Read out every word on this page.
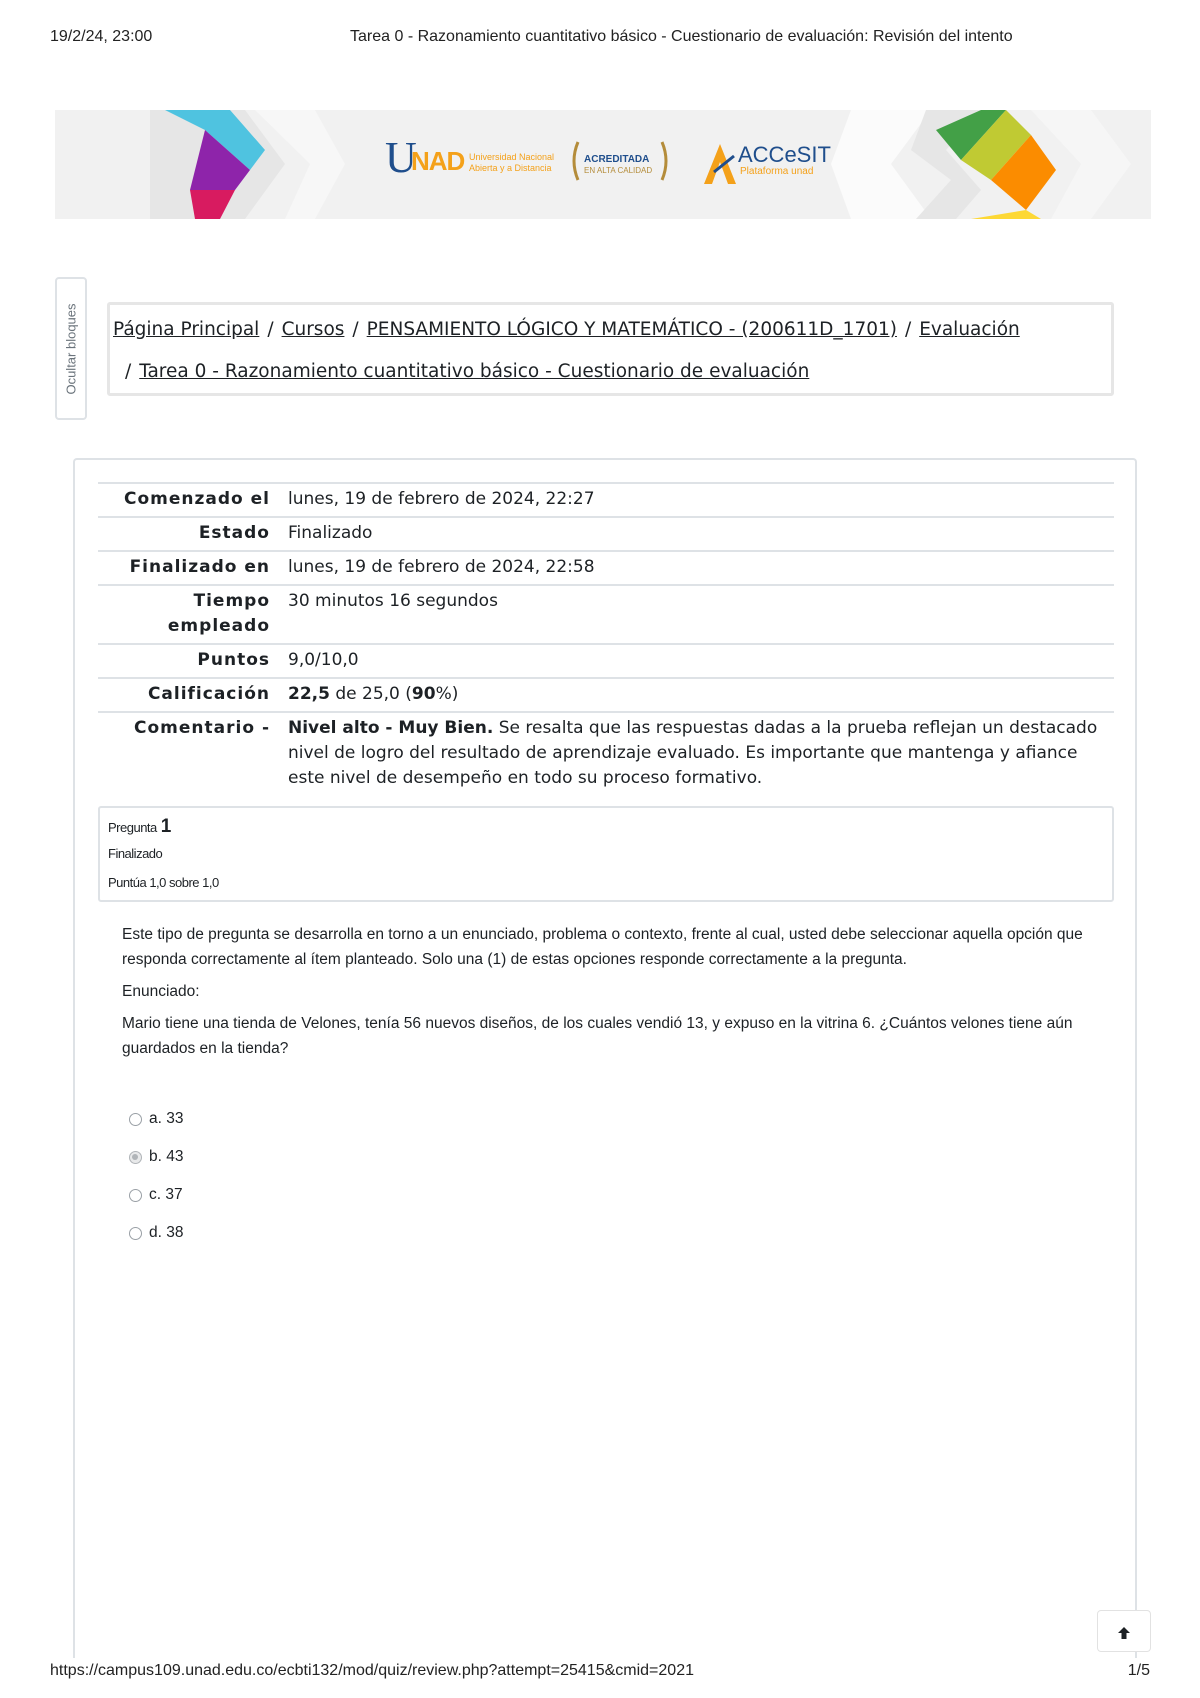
19/2/24, 23:00	Tarea 0 - Razonamiento cuantitativo básico - Cuestionario de evaluación: Revisión del intento
U
NAD Universidad Nacional Abierta y a Distancia
ACREDITADA
EN ALTA CALIDAD
ACCeSIT
Plataforma unad
Ocultar bloques Página Principal / Cursos / PENSAMIENTO LÓGICO Y MATEMÁTICO - (200611D_1701) / Evaluación
/ Tarea 0 - Razonamiento cuantitativo básico - Cuestionario de evaluación
Comenzado el	lunes, 19 de febrero de 2024, 22:27
Estado	Finalizado
Finalizado en	lunes, 19 de febrero de 2024, 22:58
Tiempo
empleado	30 minutos 16 segundos
Puntos	9,0/10,0
Calificación	22,5 de 25,0 (90%)
Comentario -	Nivel alto - Muy Bien. Se resalta que las respuestas dadas a la prueba reflejan un destacado nivel de logro del resultado de aprendizaje evaluado. Es importante que mantenga y afiance este nivel de desempeño en todo su proceso formativo.
Pregunta 1
Finalizado
Puntúa 1,0 sobre 1,0

Este tipo de pregunta se desarrolla en torno a un enunciado, problema o contexto, frente al cual, usted debe seleccionar aquella opción que responda correctamente al ítem planteado. Solo una (1) de estas opciones responde correctamente a la pregunta.

Enunciado:

Mario tiene una tienda de Velones, tenía 56 nuevos diseños, de los cuales vendió 13, y expuso en la vitrina 6. ¿Cuántos velones tiene aún guardados en la tienda?

a. 33
b. 43
c. 37
d. 38
https://campus109.unad.edu.co/ecbti132/mod/quiz/review.php?attempt=25415&cmid=2021	1/5
